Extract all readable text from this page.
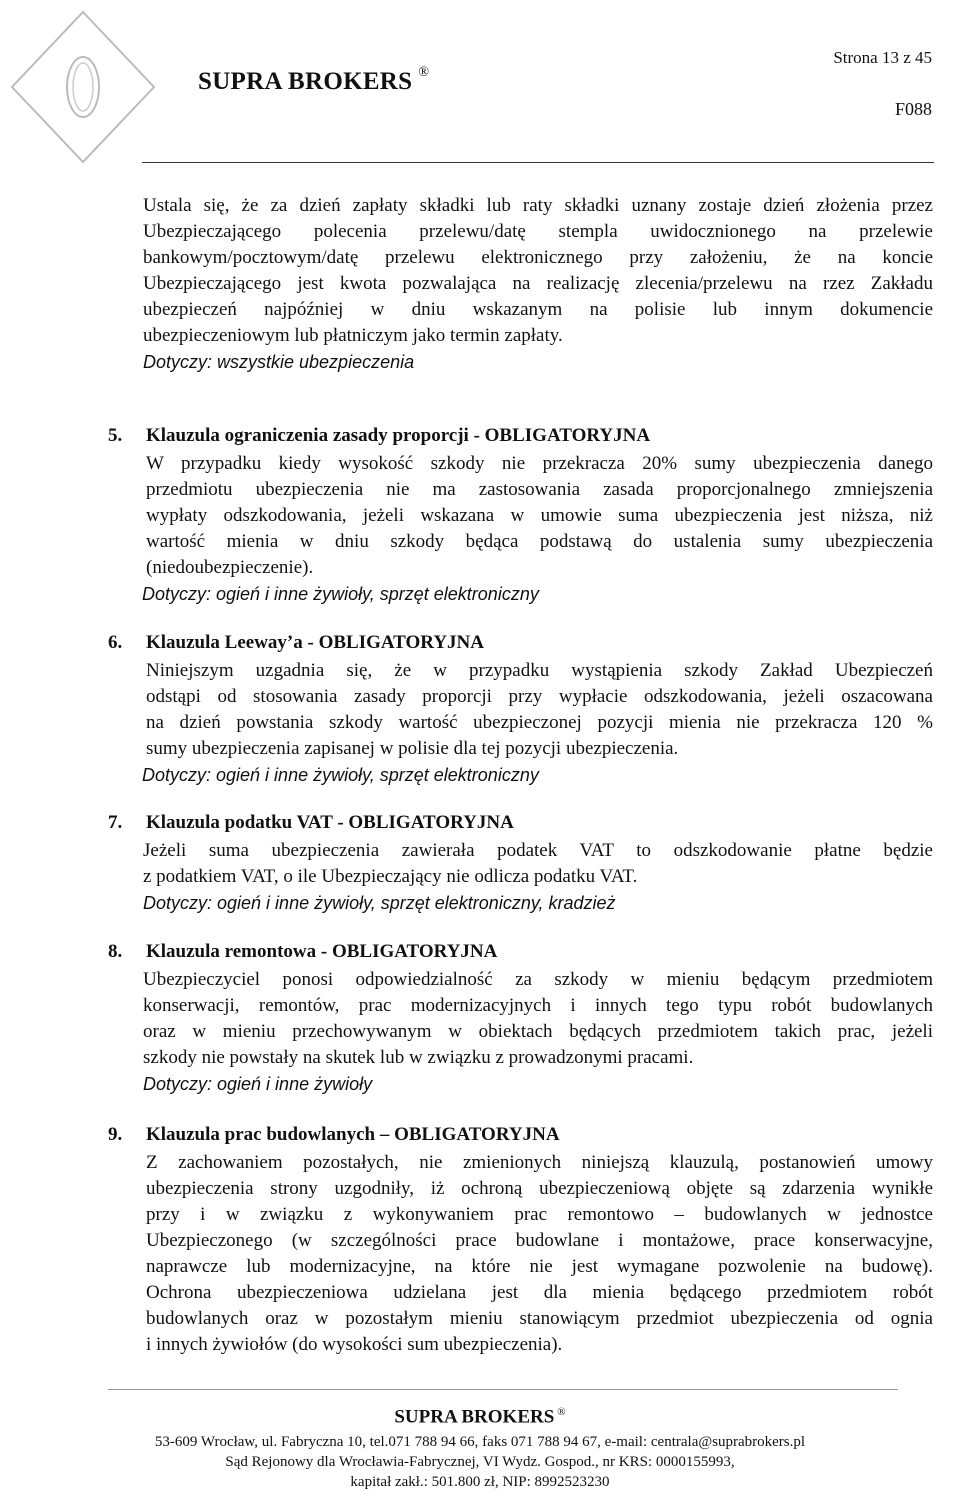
SUPRA BROKERS ®
Strona 13 z 45
F088
Ustala się, że za dzień zapłaty składki lub raty składki uznany zostaje dzień złożenia przez
Ubezpieczającego polecenia przelewu/datę stempla uwidocznionego na przelewie
bankowym/pocztowym/datę przelewu elektronicznego przy założeniu, że na koncie
Ubezpieczającego jest kwota pozwalająca na realizację zlecenia/przelewu na rzez Zakładu
ubezpieczeń najpóźniej w dniu wskazanym na polisie lub innym dokumencie
ubezpieczeniowym lub płatniczym jako termin zapłaty.
Dotyczy: wszystkie ubezpieczenia
5. Klauzula ograniczenia zasady proporcji - OBLIGATORYJNA
W przypadku kiedy wysokość szkody nie przekracza 20% sumy ubezpieczenia danego
przedmiotu ubezpieczenia nie ma zastosowania zasada proporcjonalnego zmniejszenia
wypłaty odszkodowania, jeżeli wskazana w umowie suma ubezpieczenia jest niższa, niż
wartość mienia w dniu szkody będąca podstawą do ustalenia sumy ubezpieczenia
(niedoubezpieczenie).
Dotyczy: ogień i inne żywioły, sprzęt elektroniczny
6. Klauzula Leeway’a - OBLIGATORYJNA
Niniejszym uzgadnia się, że w przypadku wystąpienia szkody Zakład Ubezpieczeń
odstąpi od stosowania zasady proporcji przy wypłacie odszkodowania, jeżeli oszacowana
na dzień powstania szkody wartość ubezpieczonej pozycji mienia nie przekracza 120 %
sumy ubezpieczenia zapisanej w polisie dla tej pozycji ubezpieczenia.
Dotyczy: ogień i inne żywioły, sprzęt elektroniczny
7. Klauzula podatku VAT - OBLIGATORYJNA
Jeżeli suma ubezpieczenia zawierała podatek VAT to odszkodowanie płatne będzie
z podatkiem VAT, o ile Ubezpieczający nie odlicza podatku VAT.
Dotyczy: ogień i inne żywioły, sprzęt elektroniczny, kradzież
8. Klauzula remontowa - OBLIGATORYJNA
Ubezpieczyciel ponosi odpowiedzialność za szkody w mieniu będącym przedmiotem
konserwacji, remontów, prac modernizacyjnych i innych tego typu robót budowlanych
oraz w mieniu przechowywanym w obiektach będących przedmiotem takich prac, jeżeli
szkody nie powstały na skutek lub w związku z prowadzonymi pracami.
Dotyczy: ogień i inne żywioły
9. Klauzula prac budowlanych – OBLIGATORYJNA
Z zachowaniem pozostałych, nie zmienionych niniejszą klauzulą, postanowień umowy
ubezpieczenia strony uzgodniły, iż ochroną ubezpieczeniową objęte są zdarzenia wynikłe
przy i w związku z wykonywaniem prac remontowo – budowlanych w jednostce
Ubezpieczonego (w szczególności prace budowlane i montażowe, prace konserwacyjne,
naprawcze lub modernizacyjne, na które nie jest wymagane pozwolenie na budowę).
Ochrona ubezpieczeniowa udzielana jest dla mienia będącego przedmiotem robót
budowlanych oraz w pozostałym mieniu stanowiącym przedmiot ubezpieczenia od ognia
i innych żywiołów (do wysokości sum ubezpieczenia).
SUPRA BROKERS ®
53-609 Wrocław, ul. Fabryczna 10, tel.071 788 94 66, faks 071 788 94 67, e-mail: centrala@suprabrokers.pl
Sąd Rejonowy dla Wrocławia-Fabrycznej, VI Wydz. Gospod., nr KRS: 0000155993,
kapitał zakł.: 501.800 zł, NIP: 8992523230
